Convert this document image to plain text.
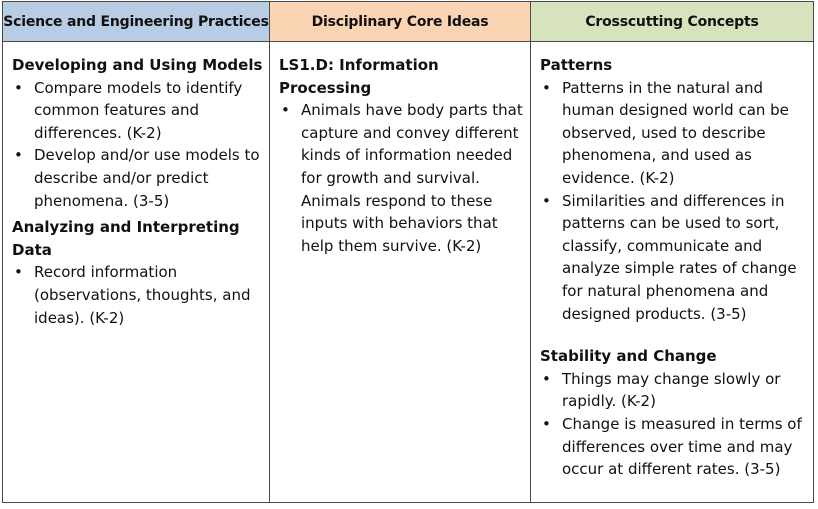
Science and Engineering Practices	Disciplinary Core Ideas	Crosscutting Concepts

Developing and Using Models

• Compare models to identify common features and differences. (K-2)
• Develop and/or use models to describe and/or predict phenomena. (3-5)

Analyzing and Interpreting Data

• Record information (observations, thoughts, and ideas). (K-2)

LS1.D: Information Processing

• Animals have body parts that capture and convey different kinds of information needed for growth and survival. Animals respond to these inputs with behaviors that help them survive. (K-2)

Patterns

• Patterns in the natural and human designed world can be observed, used to describe phenomena, and used as evidence. (K-2)
• Similarities and differences in patterns can be used to sort, classify, communicate and analyze simple rates of change for natural phenomena and designed products. (3-5)

Stability and Change

• Things may change slowly or rapidly. (K-2)
• Change is measured in terms of differences over time and may occur at different rates. (3-5)
